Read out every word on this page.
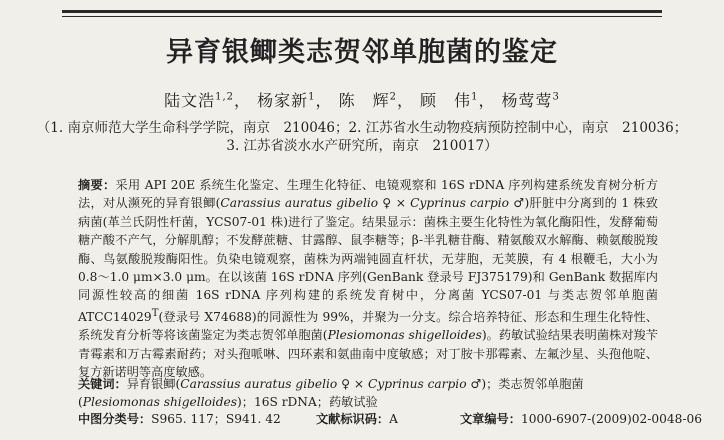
异育银鲫类志贺邻单胞菌的鉴定
陆文浩$^{1,2}$， 杨家新$^1$， 陈　辉$^2$， 顾　伟$^1$， 杨莺莺$^3$
（1. 南京师范大学生命科学学院，南京　210046；2. 江苏省水生动物疫病预防控制中心，南京　210036；
3. 江苏省淡水水产研究所，南京　210017）
摘要：采用 API 20E 系统生化鉴定、生理生化特征、电镜观察和 16S rDNA 序列构建系统发育树分析方法，对从濒死的异育银鲫(Carassius auratus gibelio ♀ × Cyprinus carpio ♂)肝脏中分离到的 1 株致病菌(革兰氏阴性杆菌，YCS07-01 株)进行了鉴定。结果显示：菌株主要生化特性为氧化酶阳性，发酵葡萄糖产酸不产气，分解肌醇；不发酵蔗糖、甘露醇、鼠李糖等；β-半乳糖苷酶、精氨酸双水解酶、赖氨酸脱羧酶、鸟氨酸脱羧酶阳性。负染电镜观察，菌株为两端钝圆直杆状，无芽胞，无荚膜，有 4 根鞭毛，大小为 0.8～1.0 μm×3.0 μm。在以该菌 16S rDNA 序列(GenBank 登录号 FJ375179)和 GenBank 数据库内同源性较高的细菌 16S rDNA 序列构建的系统发育树中，分离菌 YCS07-01 与类志贺邻单胞菌 $ATCC14029^T$(登录号 X74688)的同源性为 99%，并聚为一分支。综合培养特征、形态和生理生化特性、系统发育分析等将该菌鉴定为类志贺邻单胞菌(Plesiomonas shigelloides)。药敏试验结果表明菌株对羧苄青霉素和万古霉素耐药；对头孢哌啉、四环素和氨曲南中度敏感；对丁胺卡那霉素、左氟沙星、头孢他啶、复方新诺明等高度敏感。
关键词：异育银鲫(Carassius auratus gibelio ♀ × Cyprinus carpio ♂)；类志贺邻单胞菌(Plesiomonas shigelloides)；16S rDNA；药敏试验
中图分类号：S965. 117；S941. 42	文献标识码：A	文章编号：1000-6907-(2009)02-0048-06
